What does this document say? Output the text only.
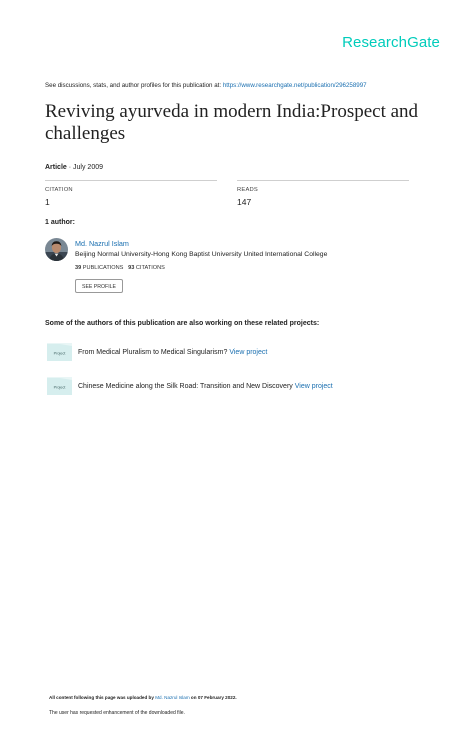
ResearchGate
See discussions, stats, and author profiles for this publication at: https://www.researchgate.net/publication/296258997
Reviving ayurveda in modern India:Prospect and challenges
Article · July 2009
CITATION
1
READS
147
1 author:
Md. Nazrul Islam
Beijing Normal University-Hong Kong Baptist University United International College
39 PUBLICATIONS 93 CITATIONS
SEE PROFILE
Some of the authors of this publication are also working on these related projects:
Project From Medical Pluralism to Medical Singularism? View project
Project Chinese Medicine along the Silk Road: Transition and New Discovery View project
All content following this page was uploaded by Md. Nazrul Islam on 07 February 2022.
The user has requested enhancement of the downloaded file.
